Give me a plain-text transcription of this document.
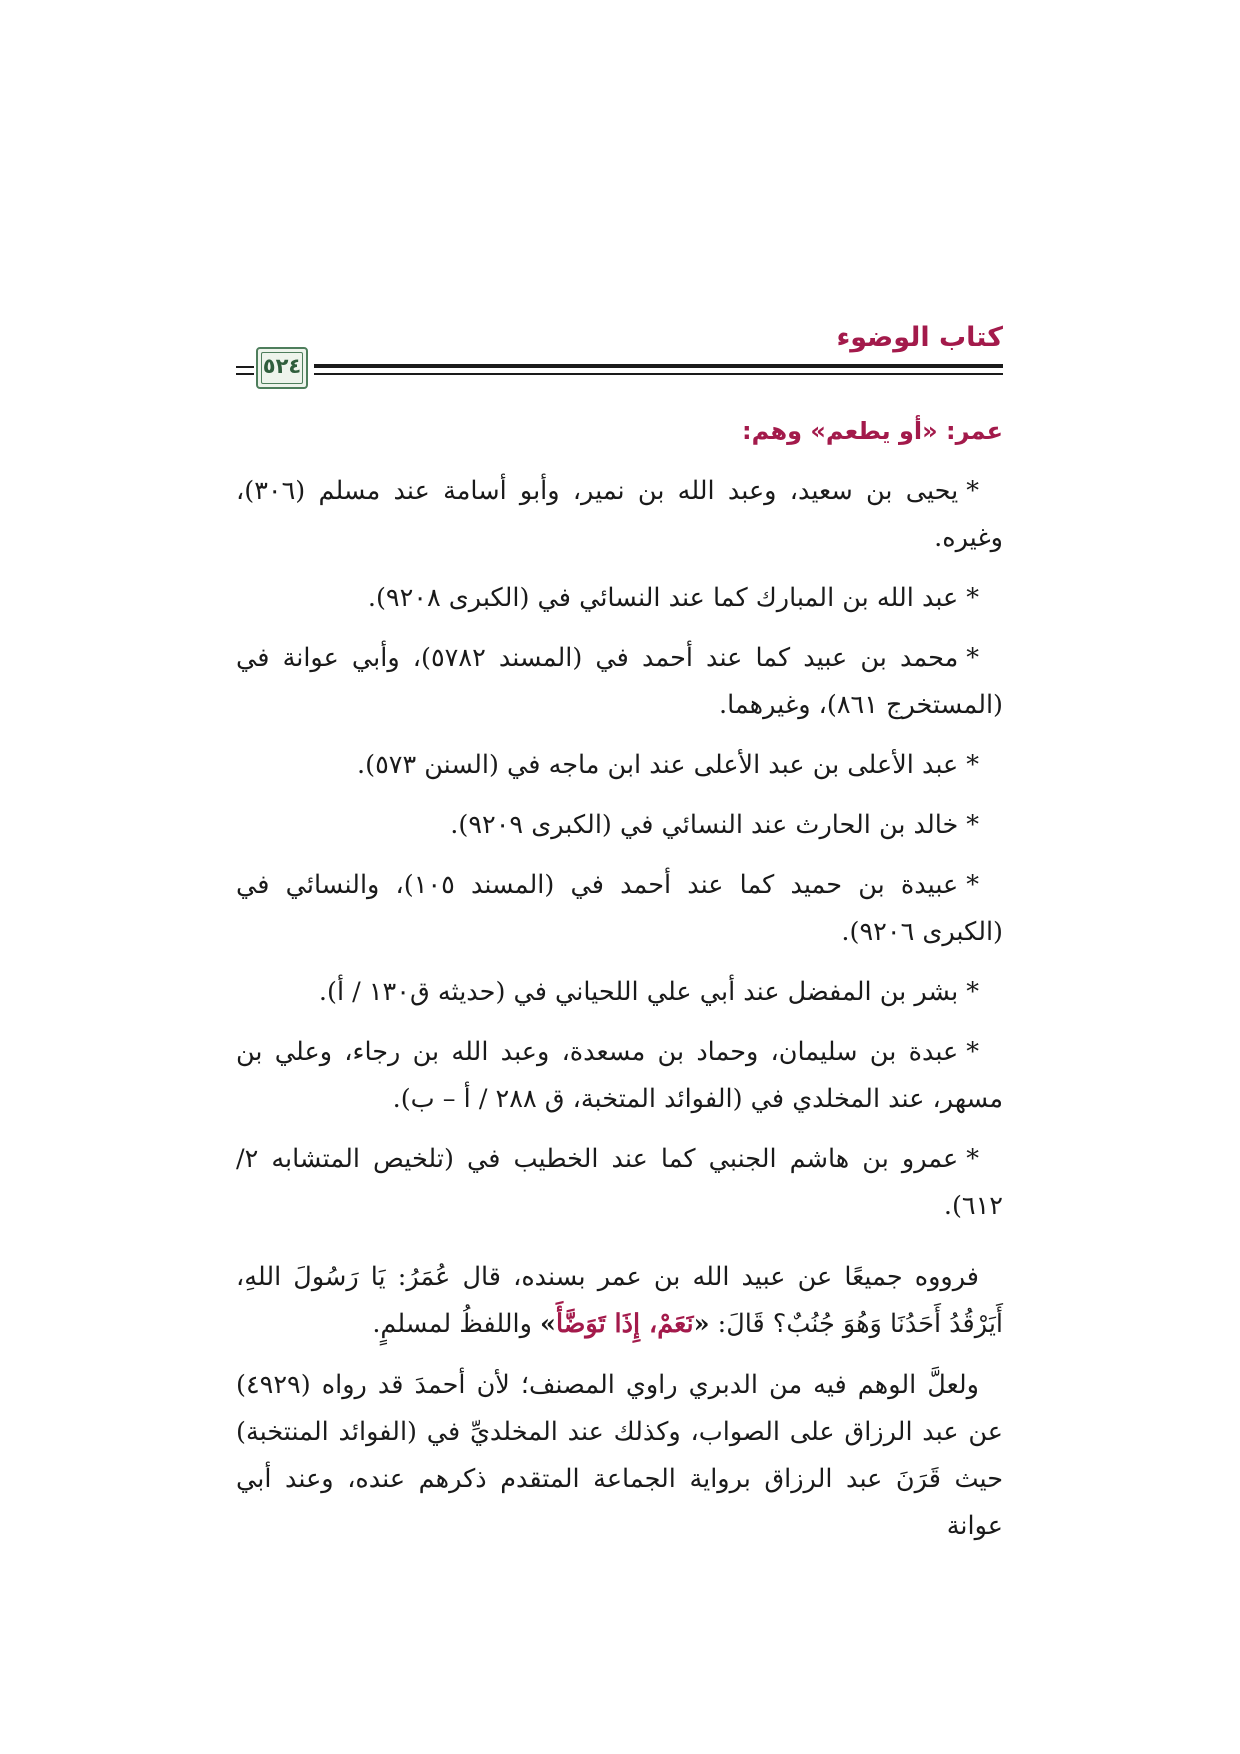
كتاب الوضوء
٥٢٤

عمر: «أو يطعم» وهم:

*يحيى بن سعيد، وعبد الله بن نمير، وأبو أسامة عند مسلم (٣٠٦)، وغيره.

*عبد الله بن المبارك كما عند النسائي في (الكبرى ٩٢٠٨).

*محمد بن عبيد كما عند أحمد في (المسند ٥٧٨٢)، وأبي عوانة في (المستخرج ٨٦١)، وغيرهما.

*عبد الأعلى بن عبد الأعلى عند ابن ماجه في (السنن ٥٧٣).

*خالد بن الحارث عند النسائي في (الكبرى ٩٢٠٩).

*عبيدة بن حميد كما عند أحمد في (المسند ١٠٥)، والنسائي في (الكبرى ٩٢٠٦).

*بشر بن المفضل عند أبي علي اللحياني في (حديثه ق١٣٠ / أ).

*عبدة بن سليمان، وحماد بن مسعدة، وعبد الله بن رجاء، وعلي بن مسهر، عند المخلدي في (الفوائد المتخبة، ق ٢٨٨ / أ – ب).

*عمرو بن هاشم الجنبي كما عند الخطيب في (تلخيص المتشابه ٢/ ٦١٢).

فرووه جميعًا عن عبيد الله بن عمر بسنده، قال عُمَرُ: يَا رَسُولَ اللهِ، أَيَرْقُدُ أَحَدُنَا وَهُوَ جُنُبٌ؟ قَالَ: «نَعَمْ، إِذَا تَوَضَّأَ» واللفظُ لمسلمٍ.

ولعلَّ الوهم فيه من الدبري راوي المصنف؛ لأن أحمدَ قد رواه (٤٩٢٩) عن عبد الرزاق على الصواب، وكذلك عند المخلديِّ في (الفوائد المنتخبة) حيث قَرَنَ عبد الرزاق برواية الجماعة المتقدم ذكرهم عنده، وعند أبي عوانة
